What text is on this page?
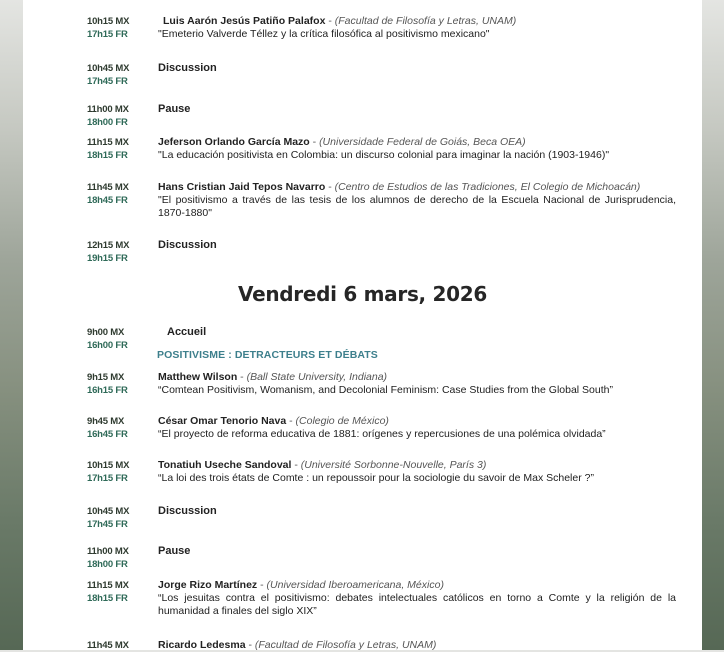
10h15 MX
17h15 FR
Luis Aarón Jesús Patiño Palafox - (Facultad de Filosofía y Letras, UNAM)
"Emeterio Valverde Téllez y la crítica filosófica al positivismo mexicano"
10h45 MX
17h45 FR
Discussion
11h00 MX
18h00 FR
Pause
11h15 MX
18h15 FR
Jeferson Orlando García Mazo - (Universidade Federal de Goiás, Beca OEA)
"La educación positivista en Colombia: un discurso colonial para imaginar la nación (1903-1946)"
11h45 MX
18h45 FR
Hans Cristian Jaid Tepos Navarro - (Centro de Estudios de las Tradiciones, El Colegio de Michoacán)
"El positivismo a través de las tesis de los alumnos de derecho de la Escuela Nacional de Jurisprudencia, 1870-1880"
12h15 MX
19h15 FR
Discussion
Vendredi 6 mars, 2026
9h00 MX
16h00 FR
Accueil
POSITIVISME : DETRACTEURS ET DÉBATS
9h15 MX
16h15 FR
Matthew Wilson - (Ball State University, Indiana)
“Comtean Positivism, Womanism, and Decolonial Feminism: Case Studies from the Global South”
9h45 MX
16h45 FR
César Omar Tenorio Nava - (Colegio de México)
“El proyecto de reforma educativa de 1881: orígenes y repercusiones de una polémica olvidada”
10h15 MX
17h15 FR
Tonatiuh Useche Sandoval - (Université Sorbonne-Nouvelle, París 3)
“La loi des trois états de Comte : un repoussoir pour la sociologie du savoir de Max Scheler ?”
10h45 MX
17h45 FR
Discussion
11h00 MX
18h00 FR
Pause
11h15 MX
18h15 FR
Jorge Rizo Martínez - (Universidad Iberoamericana, México)
“Los jesuitas contra el positivismo: debates intelectuales católicos en torno a Comte y la religión de la humanidad a finales del siglo XIX”
11h45 MX	Ricardo Ledesma - (Facultad de Filosofía y Letras, UNAM)
